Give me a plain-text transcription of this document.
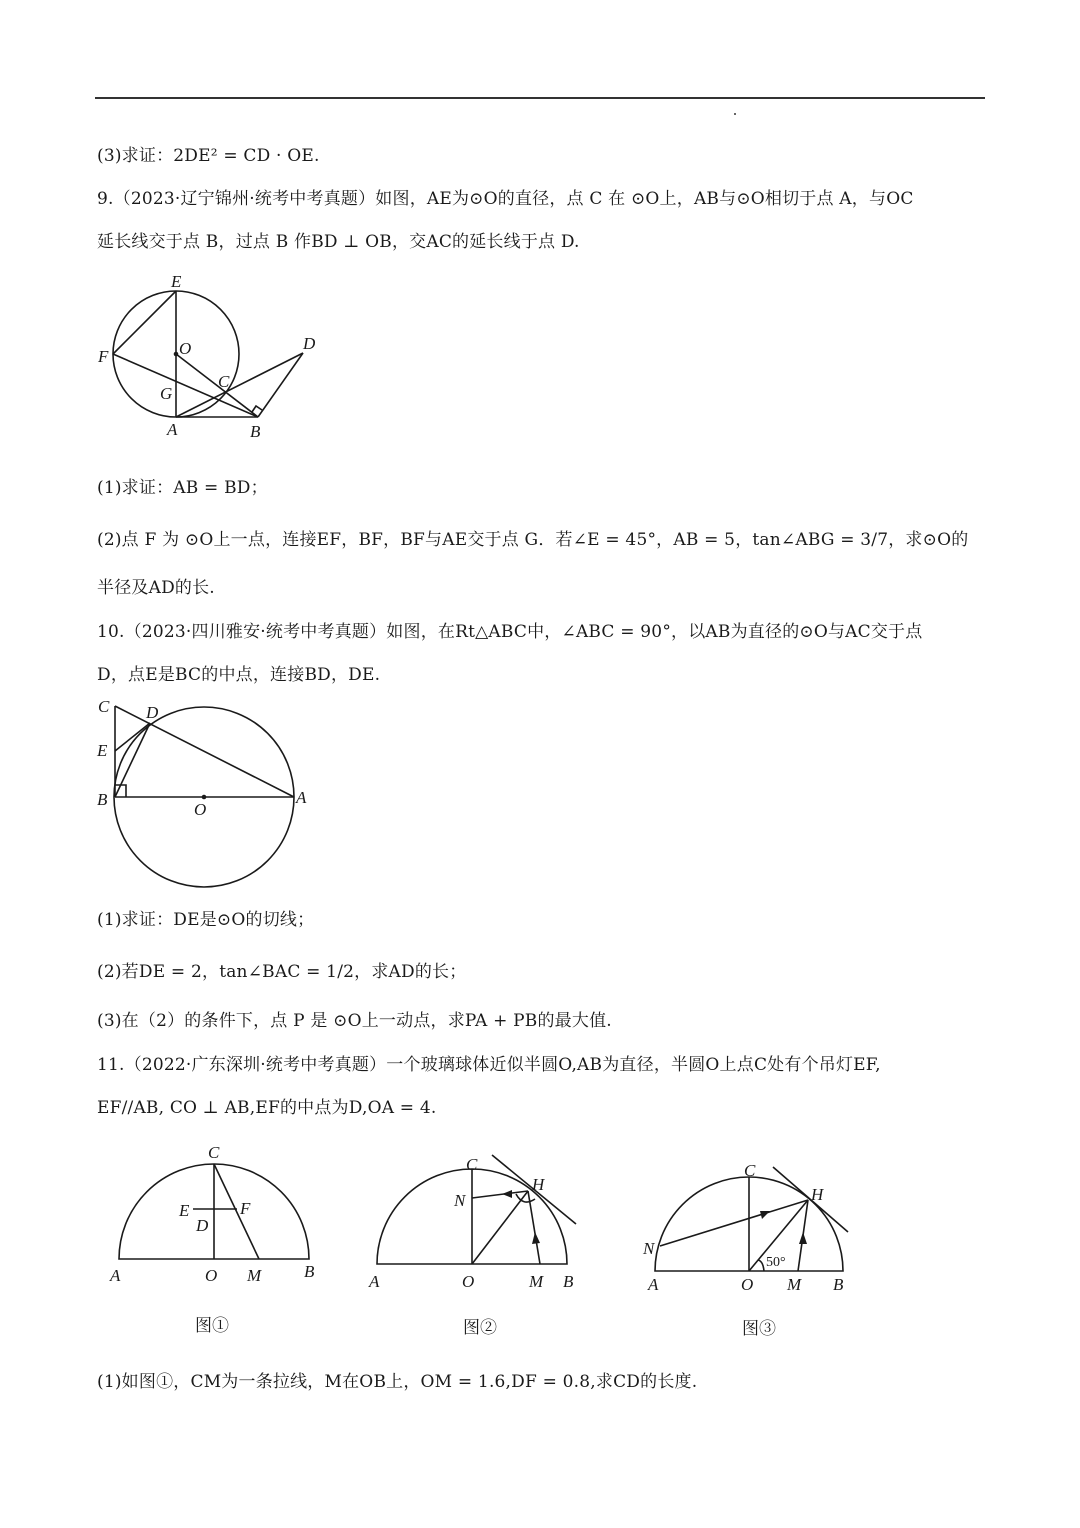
(3)求证：2DE² = CD · OE.
9.（2023·辽宁锦州·统考中考真题）如图，AE为⊙O的直径，点 C 在 ⊙O上，AB与⊙O相切于点 A，与OC
延长线交于点 B，过点 B 作BD ⊥ OB，交AC的延长线于点 D.
E
O	D
F
C
G
A	B
(1)求证：AB = BD；
(2)点 F 为 ⊙O上一点，连接EF，BF，BF与AE交于点 G．若∠E = 45°，AB = 5，tan∠ABG = 3/7，求⊙O的
半径及AD的长.
10.（2023·四川雅安·统考中考真题）如图，在Rt△ABC中，∠ABC = 90°，以AB为直径的⊙O与AC交于点
D，点E是BC的中点，连接BD，DE.
C D
E
B
O
A
(1)求证：DE是⊙O的切线；
(2)若DE = 2，tan∠BAC = 1/2，求AD的长；
(3)在（2）的条件下，点 P 是 ⊙O上一动点，求PA + PB的最大值.
11.（2022·广东深圳·统考中考真题）一个玻璃球体近似半圆O,AB为直径，半圆O上点C处有个吊灯EF,
EF//AB, CO ⊥ AB,EF的中点为D,OA = 4.
C
E	F
D
A	O M	B
图①
C
H
N
A	O	M B
图②
C
H
N
50°
A	O M B
图③
(1)如图①，CM为一条拉线，M在OB上，OM = 1.6,DF = 0.8,求CD的长度.
